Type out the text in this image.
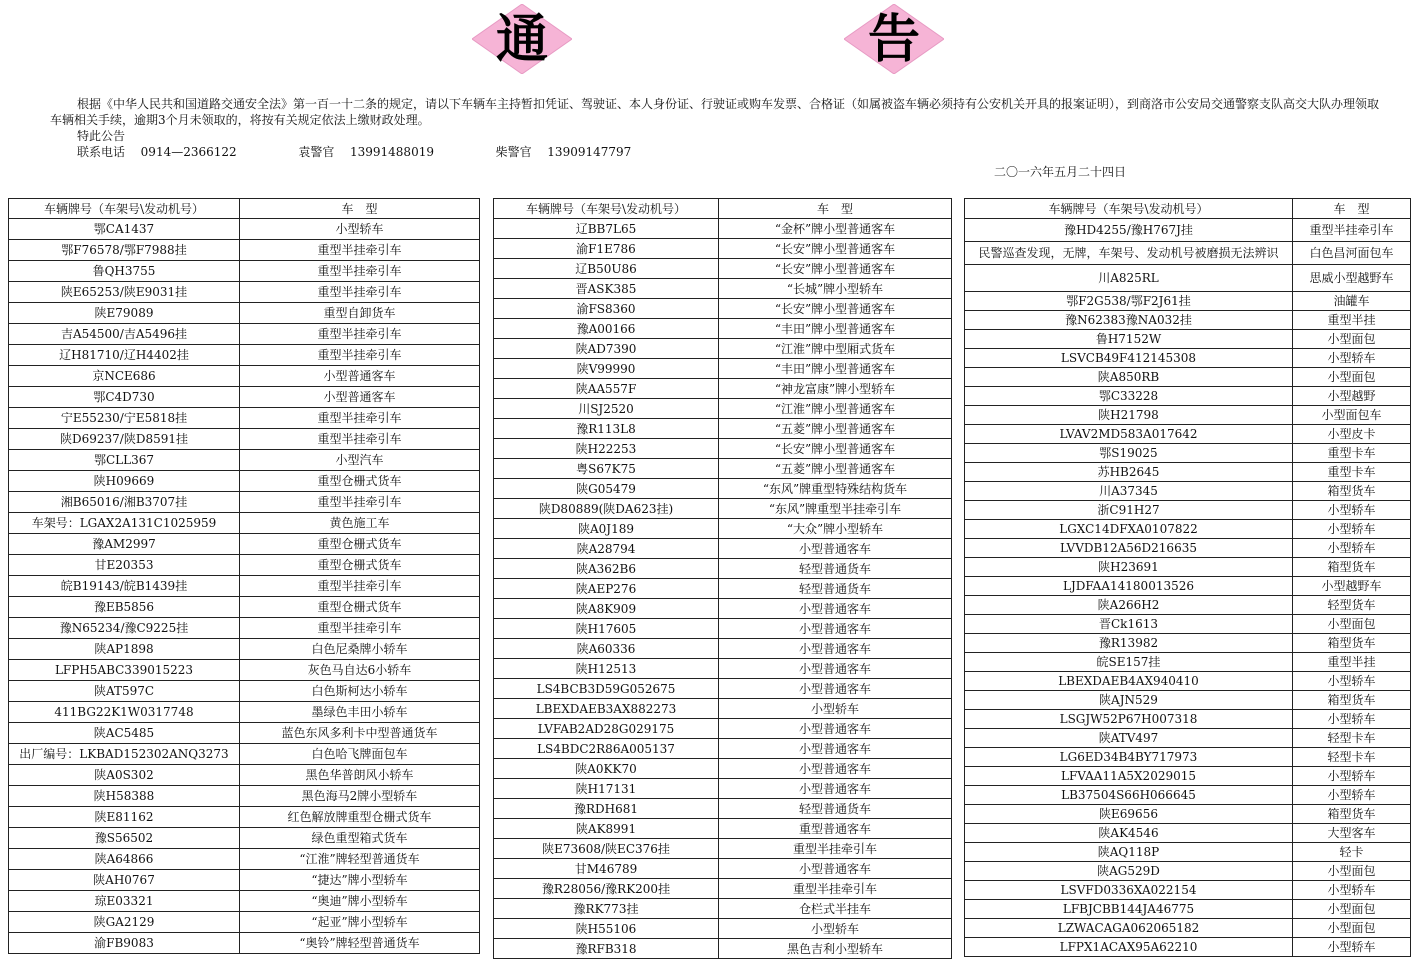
通	告

根据《中华人民共和国道路交通安全法》第一百一十二条的规定，请以下车辆车主持暂扣凭证、驾驶证、本人身份证、行驶证或购车发票、合格证（如属被盗车辆必须持有公安机关开具的报案证明），到商洛市公安局交通警察支队高交大队办理领取车辆相关手续，逾期3个月未领取的，将按有关规定依法上缴财政处理。

特此公告

联系电话 0914—2366122	袁警官 13991488019	柴警官 13909147797

二〇一六年五月二十四日
车辆牌号（车架号\发动机号）	车　型
鄂CA1437	小型轿车
鄂F76578/鄂F7988挂	重型半挂牵引车
鲁QH3755	重型半挂牵引车
陕E65253/陕E9031挂	重型半挂牵引车
陕E79089	重型自卸货车
吉A54500/吉A5496挂	重型半挂牵引车
辽H81710/辽H4402挂	重型半挂牵引车
京NCE686	小型普通客车
鄂C4D730	小型普通客车
宁E55230/宁E5818挂	重型半挂牵引车
陕D69237/陕D8591挂	重型半挂牵引车
鄂CLL367	小型汽车
陕H09669	重型仓栅式货车
湘B65016/湘B3707挂	重型半挂牵引车
车架号：LGAX2A131C1025959	黄色施工车
豫AM2997	重型仓栅式货车
甘E20353	重型仓栅式货车
皖B19143/皖B1439挂	重型半挂牵引车
豫EB5856	重型仓栅式货车
豫N65234/豫C9225挂	重型半挂牵引车
陕AP1898	白色尼桑牌小轿车
LFPH5ABC339015223	灰色马自达6小轿车
陕AT597C	白色斯柯达小轿车
411BG22K1W0317748	墨绿色丰田小轿车
陕AC5485	蓝色东风多利卡中型普通货车
出厂编号：LKBAD152302ANQ3273	白色哈飞牌面包车
陕A0S302	黑色华普朗风小轿车
陕H58388	黑色海马2牌小型轿车
陕E81162	红色解放牌重型仓栅式货车
豫S56502	绿色重型箱式货车
陕A64866	“江淮”牌轻型普通货车
陕AH0767	“捷达”牌小型轿车
琼E03321	“奥迪”牌小型轿车
陕GA2129	“起亚”牌小型轿车
渝FB9083	“奥铃”牌轻型普通货车
车辆牌号（车架号\发动机号）	车　型
辽BB7L65	“金杯”牌小型普通客车
渝F1E786	“长安”牌小型普通客车
辽B50U86	“长安”牌小型普通客车
晋ASK385	“长城”牌小型轿车
渝FS8360	“长安”牌小型普通客车
豫A00166	“丰田”牌小型普通客车
陕AD7390	“江淮”牌中型厢式货车
陕V99990	“丰田”牌小型普通客车
陕AA557F	“神龙富康”牌小型轿车
川SJ2520	“江淮”牌小型普通客车
豫R113L8	“五菱”牌小型普通客车
陕H22253	“长安”牌小型普通客车
粤S67K75	“五菱”牌小型普通客车
陕G05479	“东风”牌重型特殊结构货车
陕D80889(陕DA623挂)	“东风”牌重型半挂牵引车
陕A0J189	“大众”牌小型轿车
陕A28794	小型普通客车
陕A362B6	轻型普通货车
陕AEP276	轻型普通货车
陕A8K909	小型普通客车
陕H17605	小型普通客车
陕A60336	小型普通客车
陕H12513	小型普通客车
LS4BCB3D59G052675	小型普通客车
LBEXDAEB3AX882273	小型轿车
LVFAB2AD28G029175	小型普通客车
LS4BDC2R86A005137	小型普通客车
陕A0KK70	小型普通客车
陕H17131	小型普通客车
豫RDH681	轻型普通货车
陕AK8991	重型普通客车
陕E73608/陕EC376挂	重型半挂牵引车
甘M46789	小型普通客车
豫R28056/豫RK200挂	重型半挂牵引车
豫RK773挂	仓栏式半挂车
陕H55106	小型轿车
豫RFB318	黑色吉利小型轿车
车辆牌号（车架号\发动机号）	车　型
豫HD4255/豫H767J挂	重型半挂牵引车
民警巡查发现，无牌，车架号、发动机号被磨损无法辨识	白色昌河面包车
川A825RL	思威小型越野车
鄂F2G538/鄂F2J61挂	油罐车
豫N62383豫NA032挂	重型半挂
鲁H7152W	小型面包
LSVCB49F412145308	小型轿车
陕A850RB	小型面包
鄂C33228	小型越野
陕H21798	小型面包车
LVAV2MD583A017642	小型皮卡
鄂S19025	重型卡车
苏HB2645	重型卡车
川A37345	箱型货车
浙C91H27	小型轿车
LGXC14DFXA0107822	小型轿车
LVVDB12A56D216635	小型轿车
陕H23691	箱型货车
LJDFAA14180013526	小型越野车
陕A266H2	轻型货车
晋Ck1613	小型面包
豫R13982	箱型货车
皖SE157挂	重型半挂
LBEXDAEB4AX940410	小型轿车
陕AJN529	箱型货车
LSGJW52P67H007318	小型轿车
陕ATV497	轻型卡车
LG6ED34B4BY717973	轻型卡车
LFVAA11A5X2029015	小型轿车
LB37504S66H066645	小型轿车
陕E69656	箱型货车
陕AK4546	大型客车
陕AQ118P	轻卡
陕AG529D	小型面包
LSVFD0336XA022154	小型轿车
LFBJCBB144JA46775	小型面包
LZWACAGA062065182	小型面包
LFPX1ACAX95A62210	小型轿车
